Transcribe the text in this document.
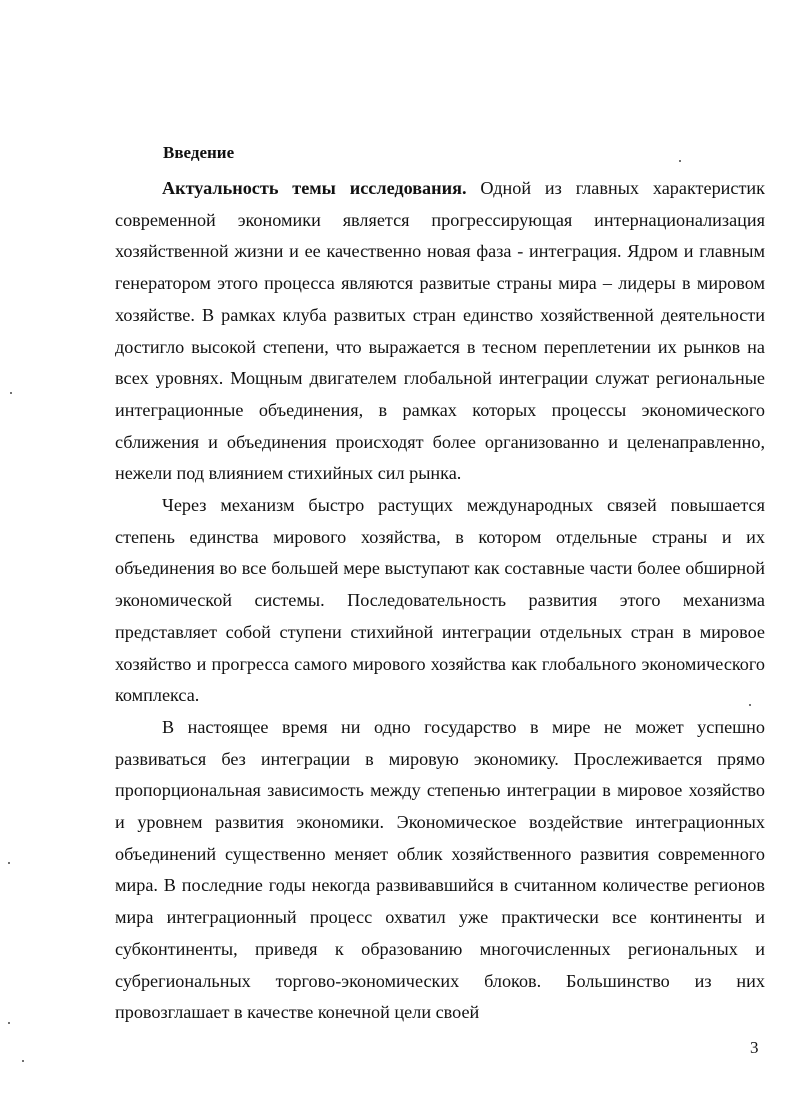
Введение

Актуальность темы исследования. Одной из главных характеристик современной экономики является прогрессирующая интернационализация хозяйственной жизни и ее качественно новая фаза - интеграция. Ядром и главным генератором этого процесса являются развитые страны мира – лидеры в мировом хозяйстве. В рамках клуба развитых стран единство хозяйственной деятельности достигло высокой степени, что выражается в тесном переплетении их рынков на всех уровнях. Мощным двигателем глобальной интеграции служат региональные интеграционные объединения, в рамках которых процессы экономического сближения и объединения происходят более организованно и целенаправленно, нежели под влиянием стихийных сил рынка.

Через механизм быстро растущих международных связей повышается степень единства мирового хозяйства, в котором отдельные страны и их объединения во все большей мере выступают как составные части более обширной экономической системы. Последовательность развития этого механизма представляет собой ступени стихийной интеграции отдельных стран в мировое хозяйство и прогресса самого мирового хозяйства как глобального экономического комплекса.

В настоящее время ни одно государство в мире не может успешно развиваться без интеграции в мировую экономику. Прослеживается прямо пропорциональная зависимость между степенью интеграции в мировое хозяйство и уровнем развития экономики. Экономическое воздействие интеграционных объединений существенно меняет облик хозяйственного развития современного мира. В последние годы некогда развивавшийся в считанном количестве регионов мира интеграционный процесс охватил уже практически все континенты и субконтиненты, приведя к образованию многочисленных региональных и субрегиональных торгово-экономических блоков. Большинство из них провозглашает в качестве конечной цели своей

3
